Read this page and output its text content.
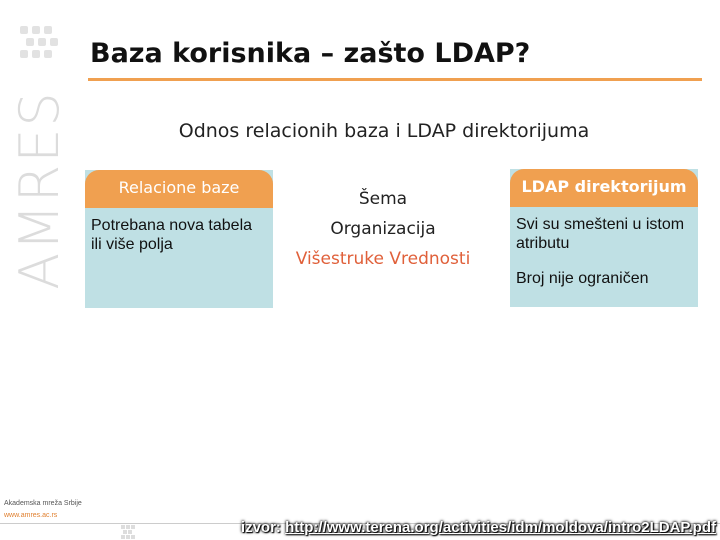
AMRES
Baza korisnika – zašto LDAP?
Odnos relacionih baza i LDAP direktorijuma
Relacione baze
Potrebana nova tabela ili više polja
Šema
Organizacija
Višestruke Vrednosti
LDAP direktorijum

Svi su smešteni u istom atributu

Broj nije ograničen

Akademska mreža Srbije
www.amres.ac.rs
izvor: http://www.terena.org/activities/idm/moldova/intro2LDAP.pdf
